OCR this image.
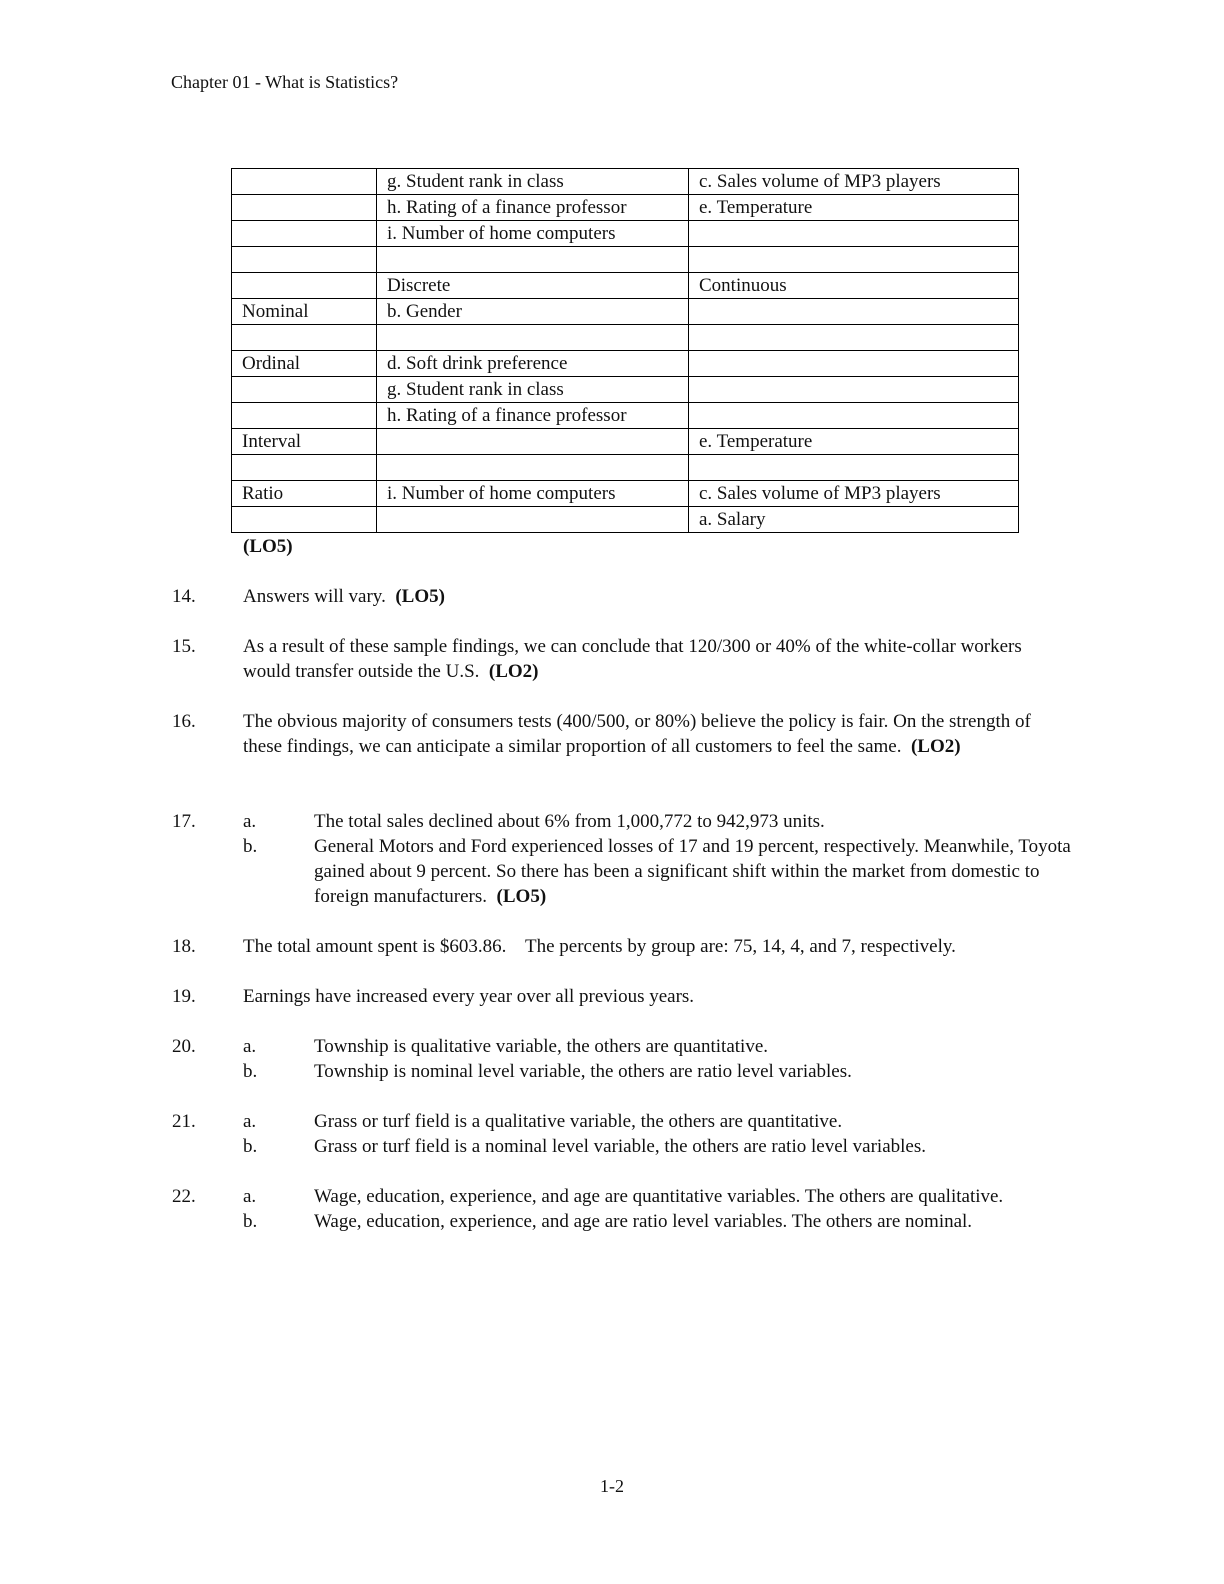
Chapter 01 - What is Statistics?
	g. Student rank in class	c. Sales volume of MP3 players
	h. Rating of a finance professor	e. Temperature
	i. Number of home computers	

	Discrete	Continuous
Nominal	b. Gender	

Ordinal	d. Soft drink preference	
	g. Student rank in class	
	h. Rating of a finance professor	
Interval		e. Temperature

Ratio	i. Number of home computers	c. Sales volume of MP3 players
		a. Salary
(LO5)
14. Answers will vary. (LO5)
15. As a result of these sample findings, we can conclude that 120/300 or 40% of the white-collar workers would transfer outside the U.S. (LO2)
16. The obvious majority of consumers tests (400/500, or 80%) believe the policy is fair. On the strength of these findings, we can anticipate a similar proportion of all customers to feel the same. (LO2)
17. a.	The total sales declined about 6% from 1,000,772 to 942,973 units.
b.	General Motors and Ford experienced losses of 17 and 19 percent, respectively. Meanwhile, Toyota gained about 9 percent. So there has been a significant shift within the market from domestic to foreign manufacturers. (LO5)
18. The total amount spent is $603.86.    The percents by group are: 75, 14, 4, and 7, respectively.
19. Earnings have increased every year over all previous years.
20. a.	Township is qualitative variable, the others are quantitative.
b.	Township is nominal level variable, the others are ratio level variables.
21. a.	Grass or turf field is a qualitative variable, the others are quantitative.
b.	Grass or turf field is a nominal level variable, the others are ratio level variables.
22. a.	Wage, education, experience, and age are quantitative variables. The others are qualitative.
b.	Wage, education, experience, and age are ratio level variables. The others are nominal.
1-2
